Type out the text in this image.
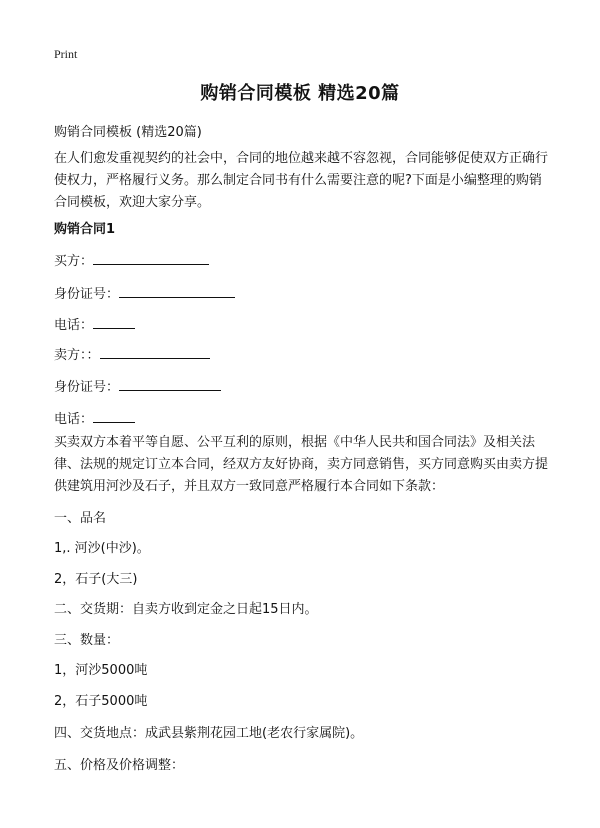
Print
购销合同模板 精选20篇
购销合同模板 (精选20篇)
在人们愈发重视契约的社会中，合同的地位越来越不容忽视，合同能够促使双方正确行使权力，严格履行义务。那么制定合同书有什么需要注意的呢?下面是小编整理的购销合同模板，欢迎大家分享。
购销合同1
买方：
身份证号：
电话：
卖方：：
身份证号：
电话：
买卖双方本着平等自愿、公平互利的原则，根据《中华人民共和国合同法》及相关法律、法规的规定订立本合同，经双方友好协商，卖方同意销售，买方同意购买由卖方提供建筑用河沙及石子，并且双方一致同意严格履行本合同如下条款：
一、品名
1,. 河沙(中沙)。
2，石子(大三)
二、交货期：自卖方收到定金之日起15日内。
三、数量：
1，河沙5000吨
2，石子5000吨
四、交货地点：成武县紫荆花园工地(老农行家属院)。
五、价格及价格调整：
